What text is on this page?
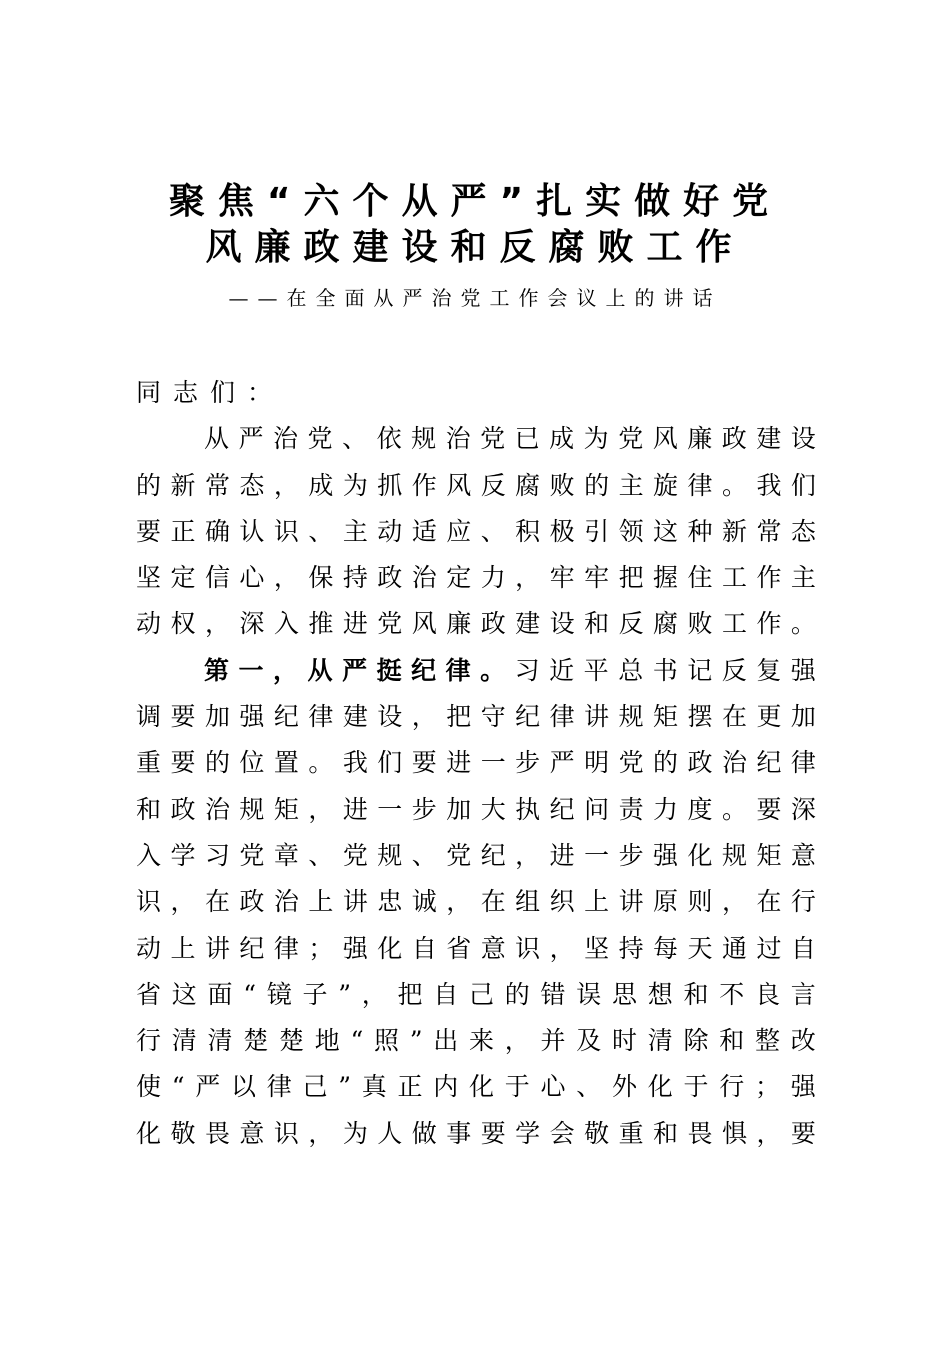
聚焦“六个从严”扎实做好党
风廉政建设和反腐败工作
——在全面从严治党工作会议上的讲话
同志们：
从 严 治 党 、 依 规 治 党 已 成 为 党 风 廉 政 建 设
的 新 常 态 ， 成 为 抓 作 风 反 腐 败 的 主 旋 律 。 我 们
要 正 确 认 识 、 主 动 适 应 、 积 极 引 领 这 种 新 常 态
坚 定 信 心 ， 保 持 政 治 定 力 ， 牢 牢 把 握 住 工 作 主
动 权 ， 深 入 推 进 党 风 廉 政 建 设 和 反 腐 败 工 作 。
第 一 ， 从 严 挺 纪 律 。 习 近 平 总 书 记 反 复 强
调 要 加 强 纪 律 建 设 ， 把 守 纪 律 讲 规 矩 摆 在 更 加
重 要 的 位 置 。 我 们 要 进 一 步 严 明 党 的 政 治 纪 律
和 政 治 规 矩 ， 进 一 步 加 大 执 纪 问 责 力 度 。 要 深
入 学 习 党 章 、 党 规 、 党 纪 ， 进 一 步 强 化 规 矩 意
识 ， 在 政 治 上 讲 忠 诚 ， 在 组 织 上 讲 原 则 ， 在 行
动 上 讲 纪 律 ； 强 化 自 省 意 识 ， 坚 持 每 天 通 过 自
省 这 面 “ 镜 子 ” ， 把 自 己 的 错 误 思 想 和 不 良 言
行 清 清 楚 楚 地 “ 照 ” 出 来 ， 并 及 时 清 除 和 整 改
使 “ 严 以 律 己 ” 真 正 内 化 于 心 、 外 化 于 行 ； 强
化 敬 畏 意 识 ， 为 人 做 事 要 学 会 敬 重 和 畏 惧 ， 要
